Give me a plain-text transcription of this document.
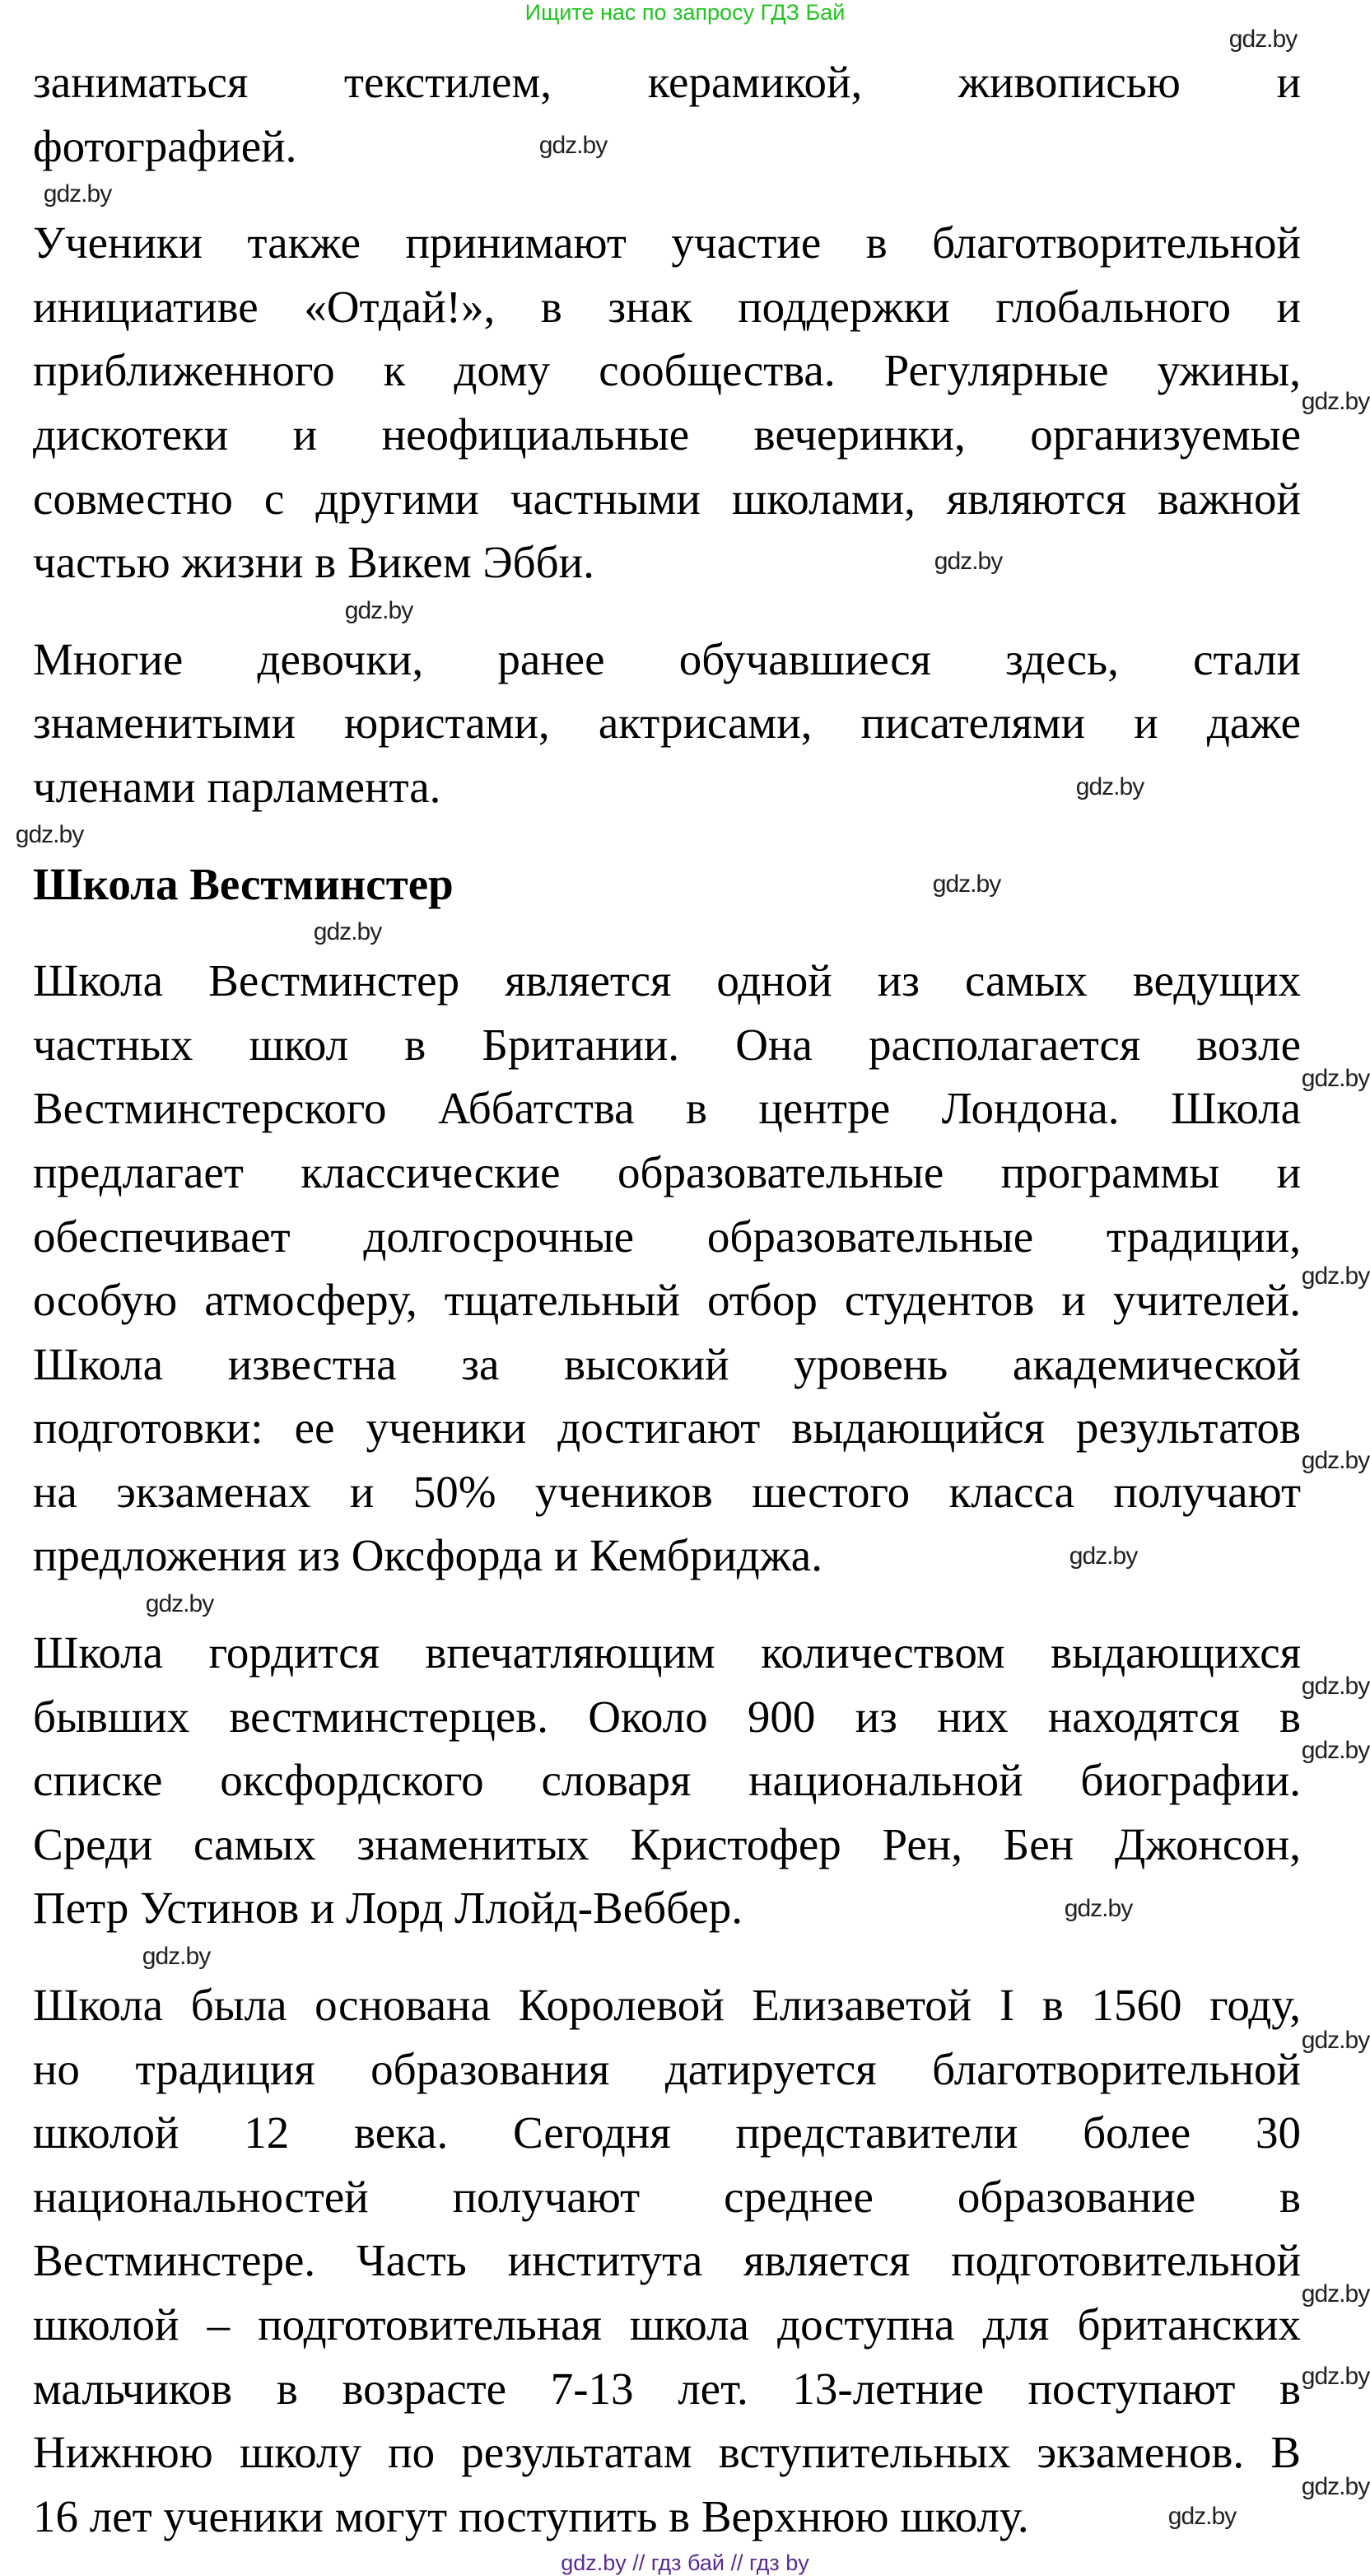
Ищите нас по запросу ГДЗ Бай
заниматься текстилем, керамикой, живописью и
фотографией.
Ученики также принимают участие в благотворительной
инициативе «Отдай!», в знак поддержки глобального и
приближенного к дому сообщества. Регулярные ужины,
дискотеки и неофициальные вечеринки, организуемые
совместно с другими частными школами, являются важной
частью жизни в Викем Эбби.
Многие девочки, ранее обучавшиеся здесь, стали
знаменитыми юристами, актрисами, писателями и даже
членами парламента.
Школа Вестминстер
Школа Вестминстер является одной из самых ведущих
частных школ в Британии. Она располагается возле
Вестминстерского Аббатства в центре Лондона. Школа
предлагает классические образовательные программы и
обеспечивает долгосрочные образовательные традиции,
особую атмосферу, тщательный отбор студентов и учителей.
Школа известна за высокий уровень академической
подготовки: ее ученики достигают выдающийся результатов
на экзаменах и 50% учеников шестого класса получают
предложения из Оксфорда и Кембриджа.
Школа гордится впечатляющим количеством выдающихся
бывших вестминстерцев. Около 900 из них находятся в
списке оксфордского словаря национальной биографии.
Среди самых знаменитых Кристофер Рен, Бен Джонсон,
Петр Устинов и Лорд Ллойд-Веббер.
Школа была основана Королевой Елизаветой I в 1560 году,
но традиция образования датируется благотворительной
школой 12 века. Сегодня представители более 30
национальностей получают среднее образование в
Вестминстере. Часть института является подготовительной
школой – подготовительная школа доступна для британских
мальчиков в возрасте 7-13 лет. 13-летние поступают в
Нижнюю школу по результатам вступительных экзаменов. В
16 лет ученики могут поступить в Верхнюю школу.
gdz.by
gdz.by
gdz.by
gdz.by
gdz.by
gdz.by
gdz.by
gdz.by
gdz.by
gdz.by
gdz.by
gdz.by
gdz.by
gdz.by
gdz.by
gdz.by
gdz.by
gdz.by
gdz.by
gdz.by
gdz.by
gdz.by
gdz.by
gdz.by
gdz.by // гдз бай // гдз by
